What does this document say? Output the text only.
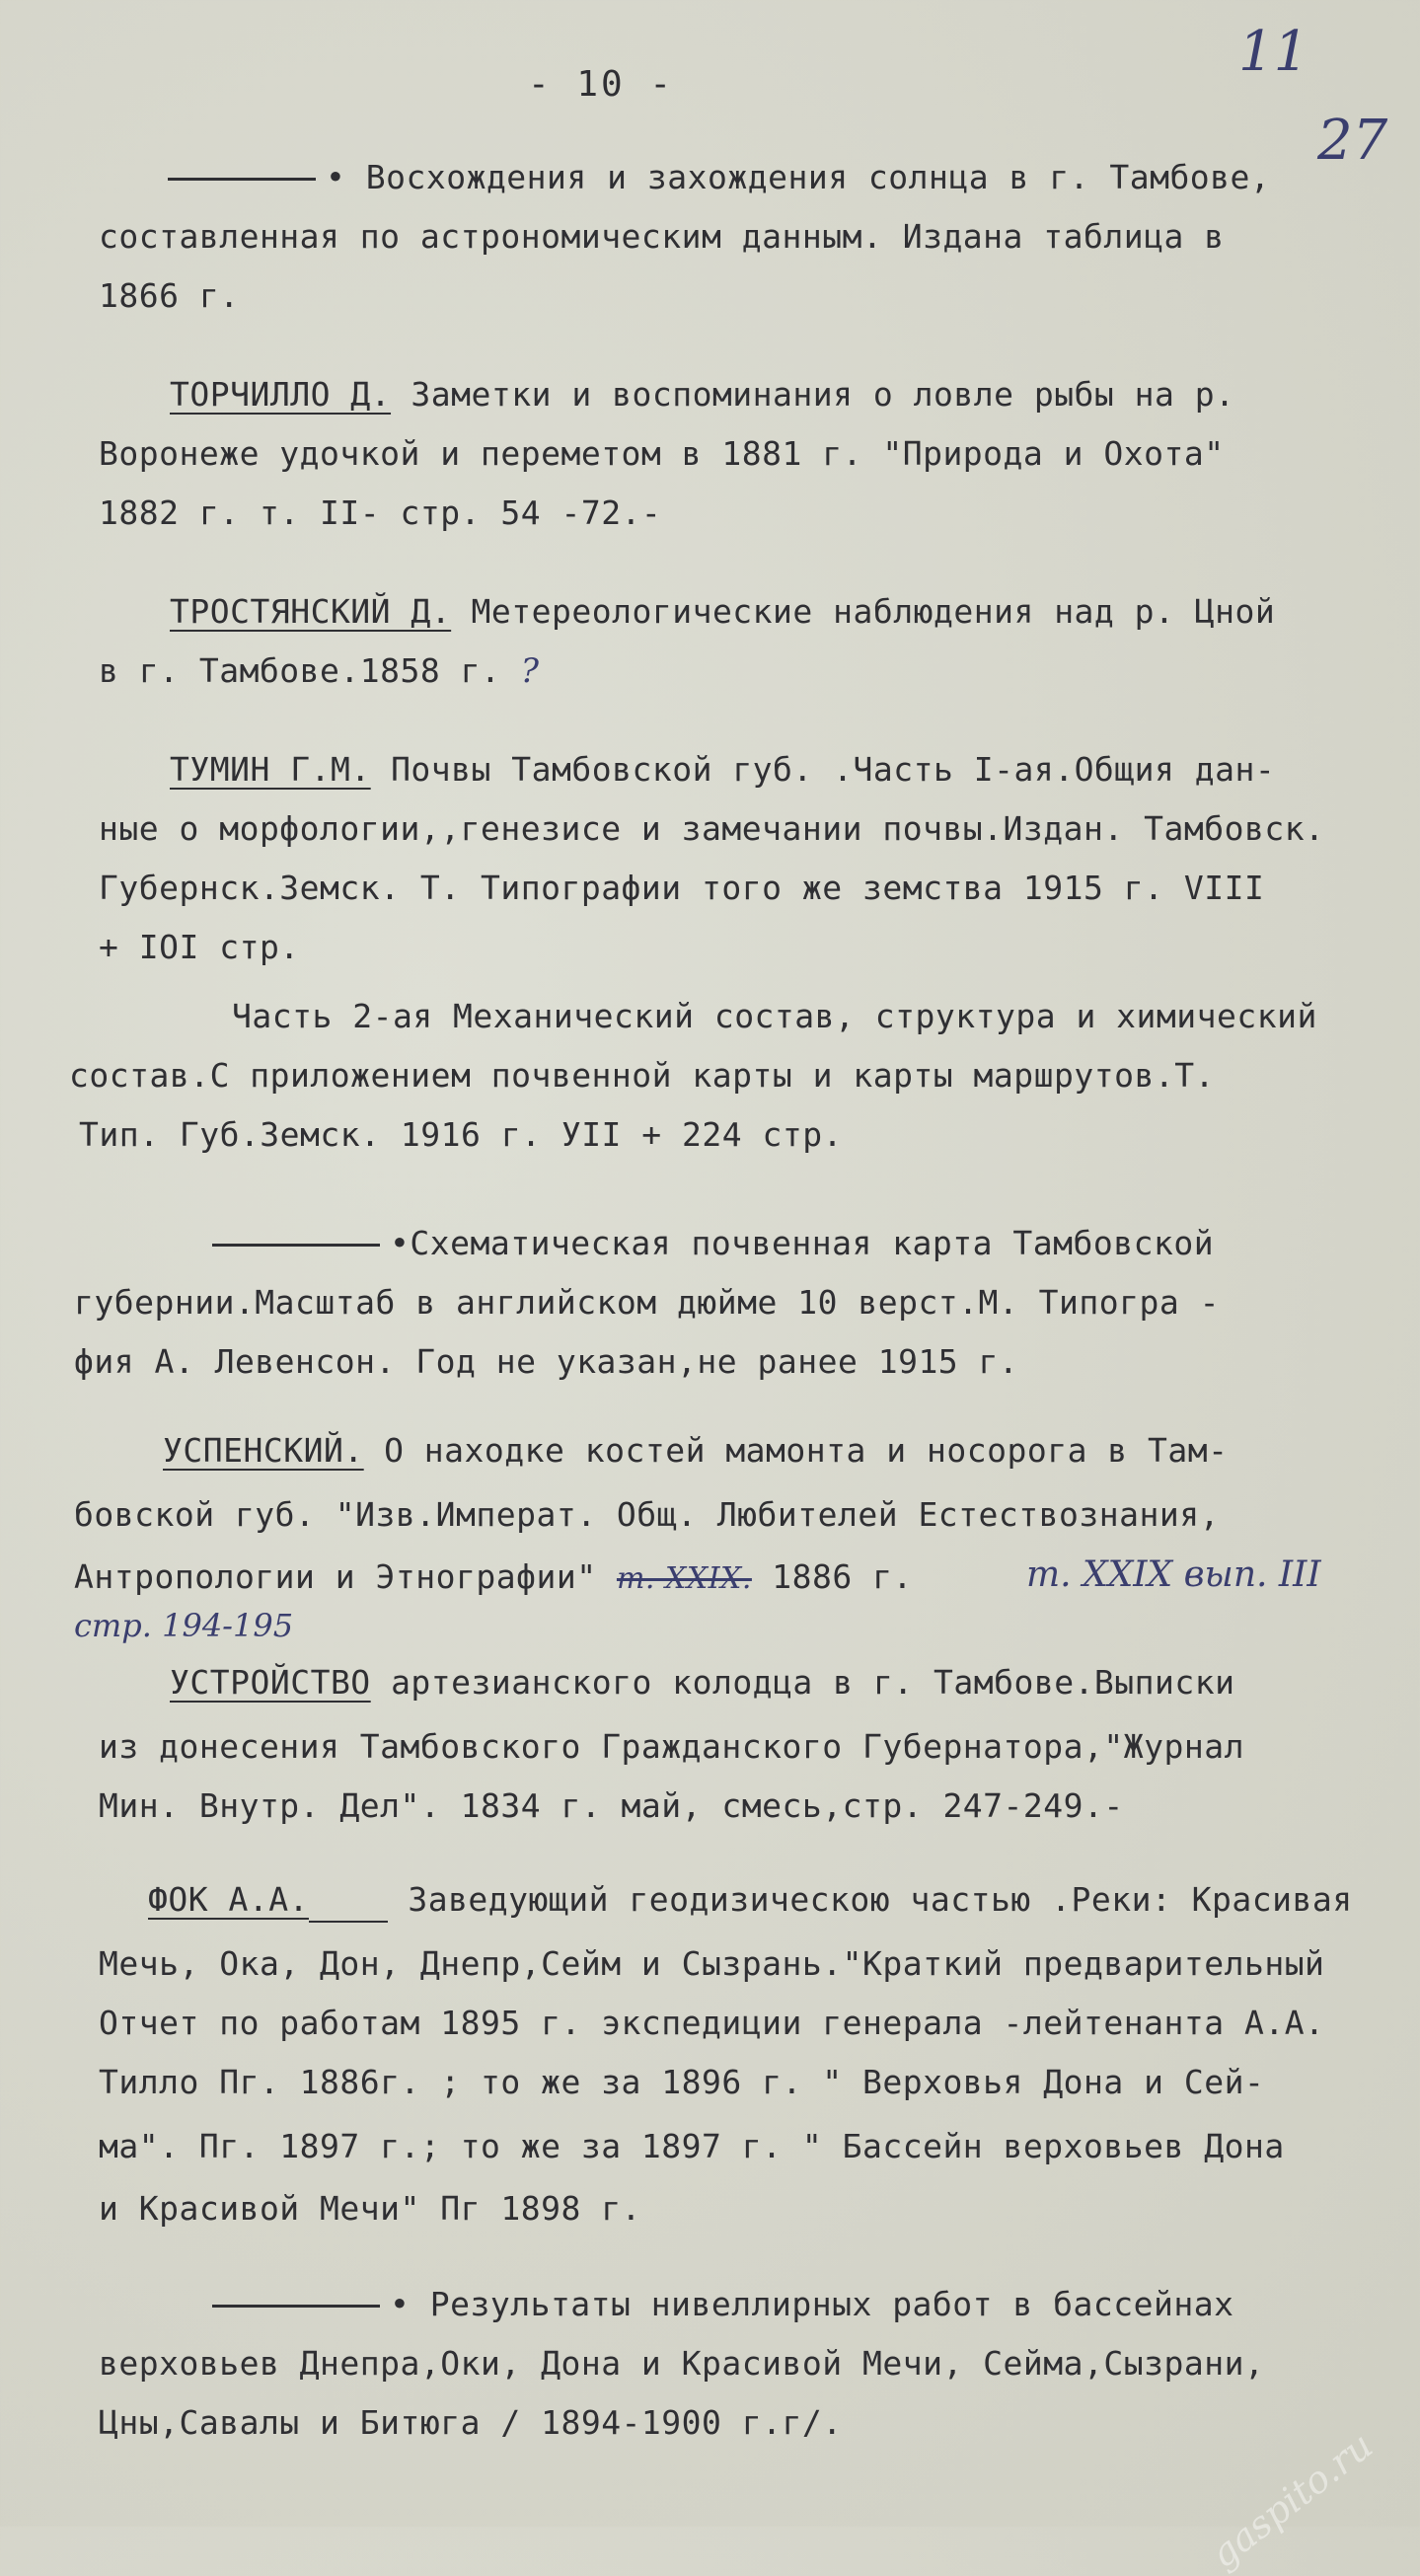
- 10 -
11
27
• Восхождения и захождения солнца в г. Тамбове,
составленная по астрономическим данным. Издана таблица в
1866 г.
ТОРЧИЛЛО Д. Заметки и воспоминания о ловле рыбы на р.
Воронеже удочкой и переметом в 1881 г. "Природа и Охота"
1882 г. т. II- стр. 54 -72.-
ТРОСТЯНСКИЙ Д. Метереологические наблюдения над р. Цной
в г. Тамбове.1858 г. ?
ТУМИН Г.М. Почвы Тамбовской губ. .Часть I-ая.Общия дан-
ные о морфологии,,генезисе и замечании почвы.Издан. Тамбовск.
Губернск.Земск. Т. Типографии того же земства 1915 г. VIII
+ IOI стр.
Часть 2-ая Механический состав, структура и химический
состав.С приложением почвенной карты и карты маршрутов.Т.
Тип. Губ.Земск. 1916 г. УII + 224 стр.
•Схематическая почвенная карта Тамбовской
губернии.Масштаб в английском дюйме 10 верст.М. Типогра -
фия А. Левенсон. Год не указан,не ранее 1915 г.
УСПЕНСКИЙ. О находке костей мамонта и носорога в Там-
бовской губ. "Изв.Императ. Общ. Любителей Естествознания,
Антропологии и Этнографии" т. XXIX. 1886 г.	т. XXIX вып. III
стр. 194-195
УСТРОЙСТВО артезианского колодца в г. Тамбове.Выписки
из донесения Тамбовского Гражданского Губернатора,"Журнал
Мин. Внутр. Дел". 1834 г. май, смесь,стр. 247-249.-
ФОК А.А.	Заведующий геодизическою частью .Реки: Красивая
Мечь, Ока, Дон, Днепр,Сейм и Сызрань."Краткий предварительный
Отчет по работам 1895 г. экспедиции генерала -лейтенанта А.А.
Тилло Пг. 1886г. ; то же за 1896 г. " Верховья Дона и Сей-
ма". Пг. 1897 г.; то же за 1897 г. " Бассейн верховьев Дона
и Красивой Мечи" Пг 1898 г.
• Результаты нивеллирных работ в бассейнах
верховьев Днепра,Оки, Дона и Красивой Мечи, Сейма,Сызрани,
Цны,Савалы и Битюга / 1894-1900 г.г/.
gaspito.ru
